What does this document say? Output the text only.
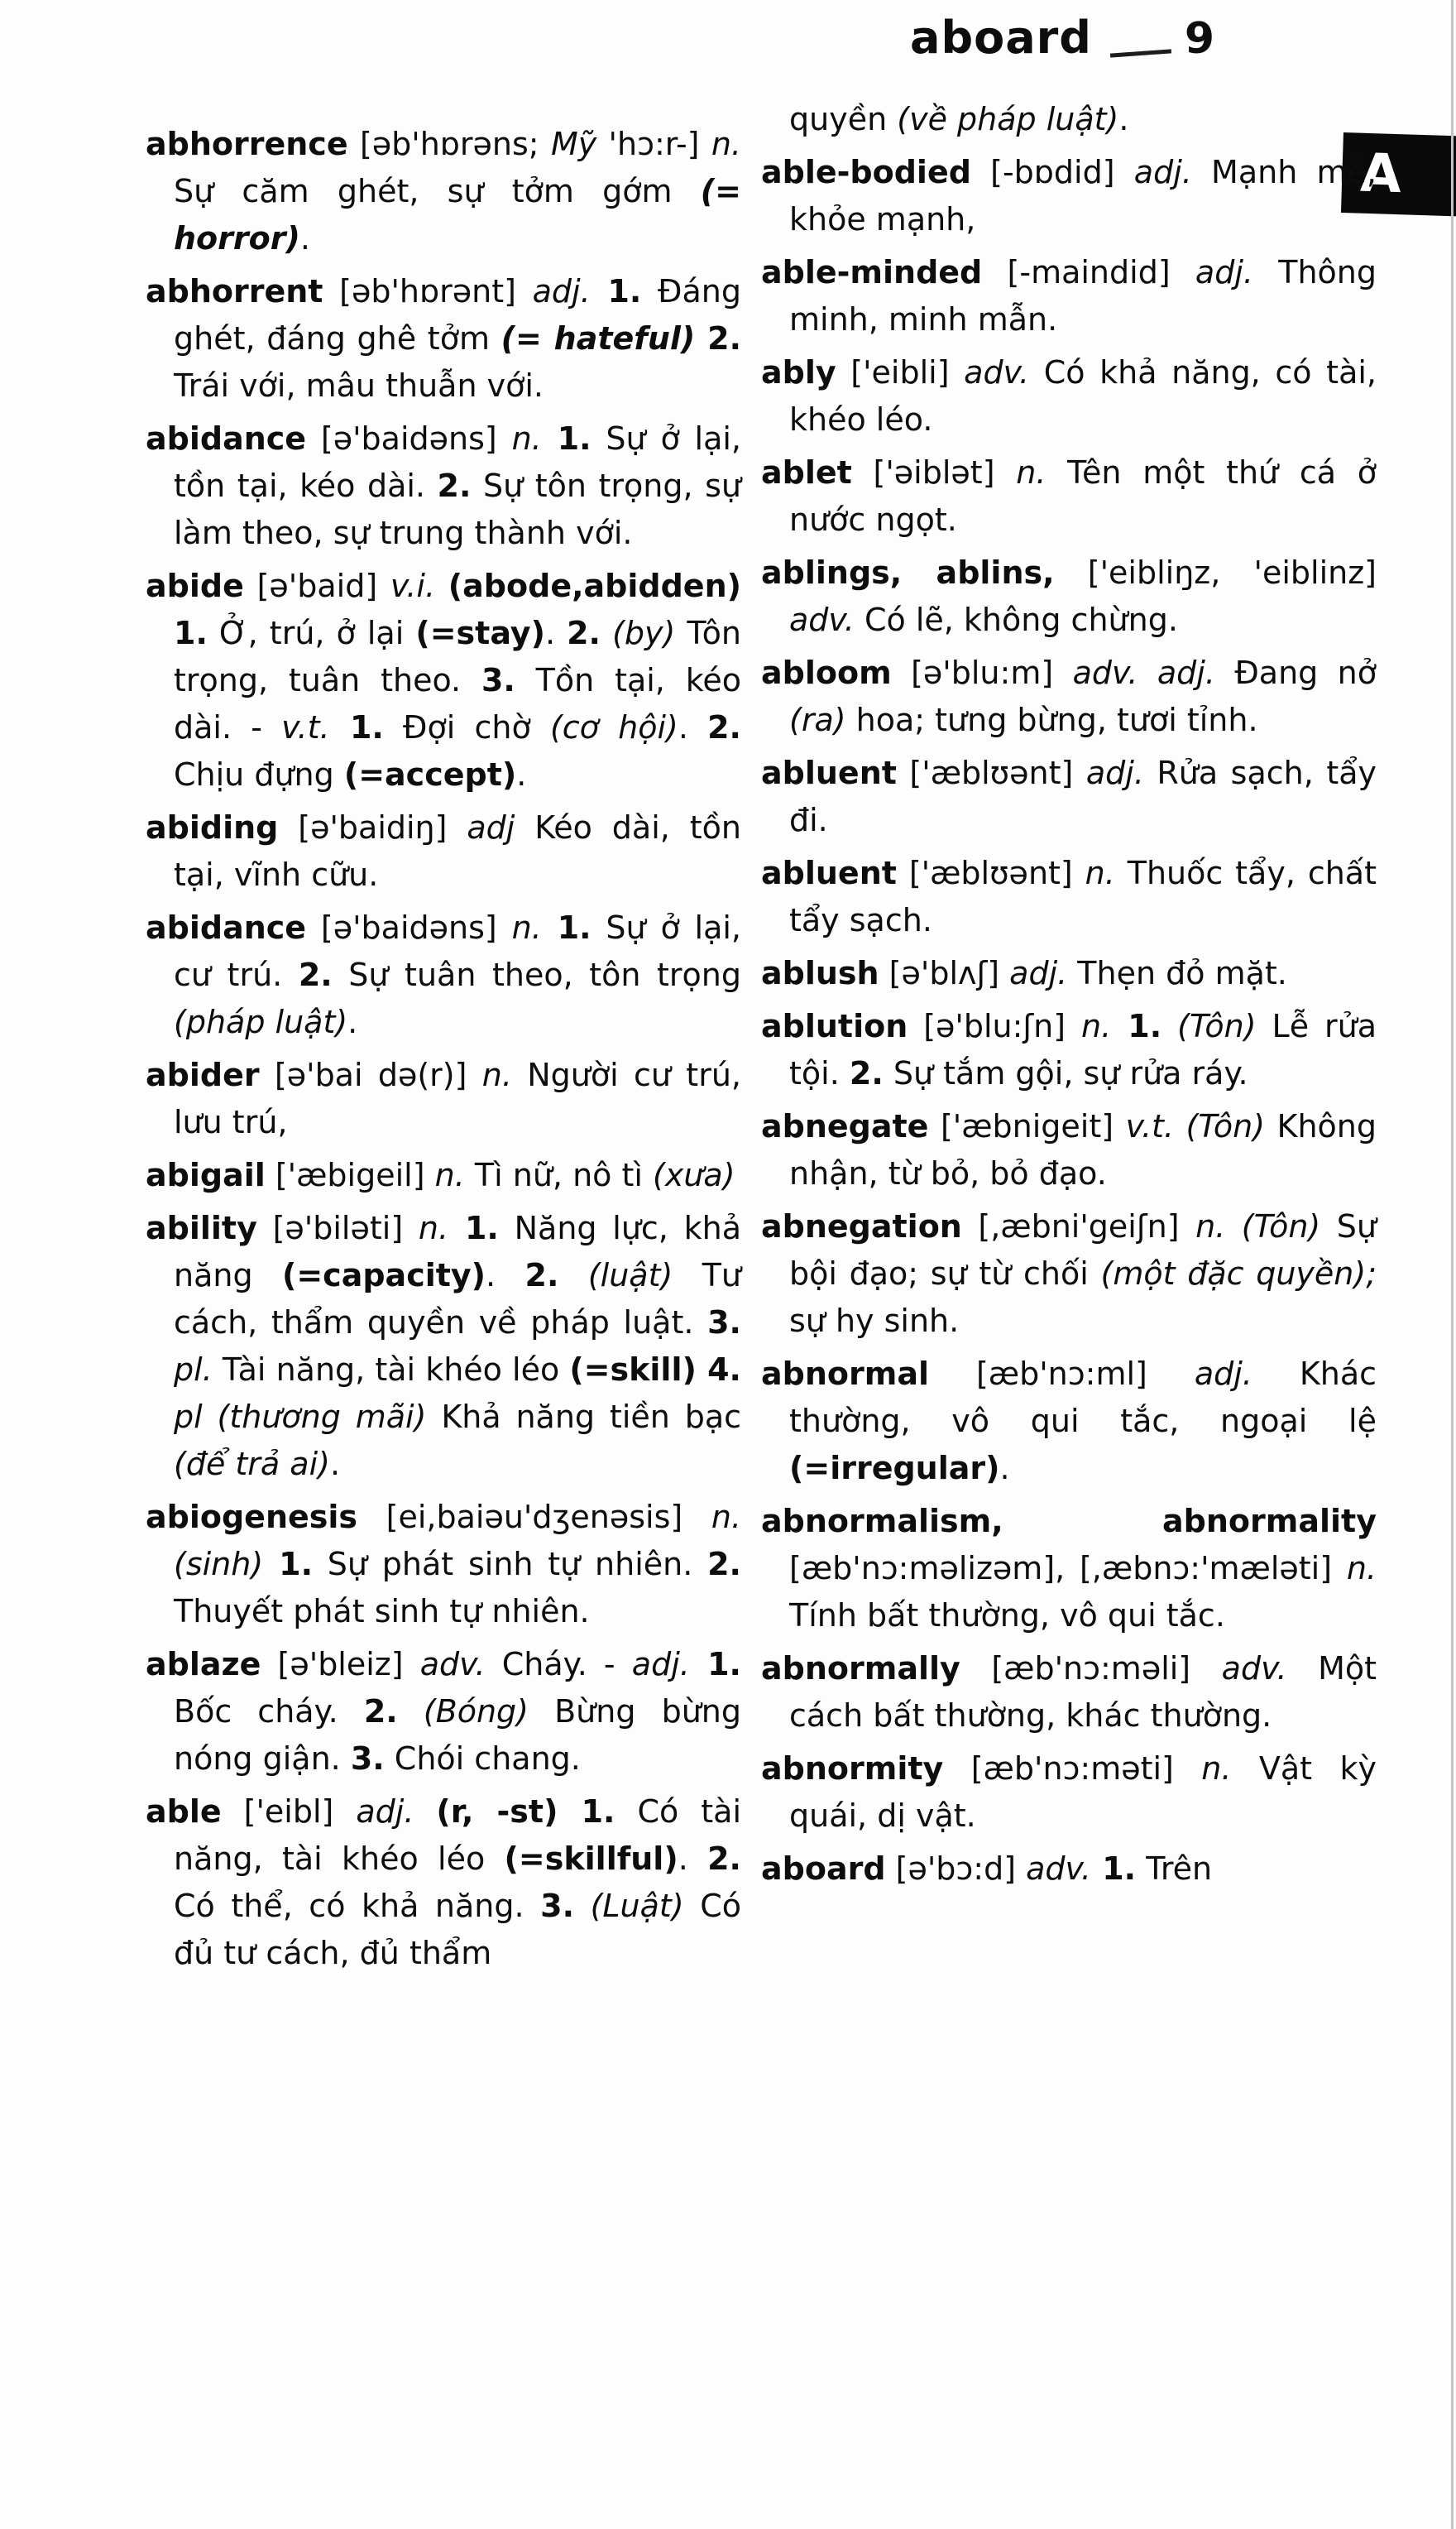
aboard 9
A

abhorrence [əb'hɒrəns; Mỹ 'hɔ:r-] n. Sự căm ghét, sự tởm gớm (= horror).

abhorrent [əb'hɒrənt] adj. 1. Đáng ghét, đáng ghê tởm (= hateful) 2. Trái với, mâu thuẫn với.

abidance [ə'baidəns] n. 1. Sự ở lại, tồn tại, kéo dài. 2. Sự tôn trọng, sự làm theo, sự trung thành với.

abide [ə'baid] v.i. (abode,abidden) 1. Ở, trú, ở lại (=stay). 2. (by) Tôn trọng, tuân theo. 3. Tồn tại, kéo dài. - v.t. 1. Đợi chờ (cơ hội). 2. Chịu đựng (=accept).

abiding [ə'baidiŋ] adj Kéo dài, tồn tại, vĩnh cữu.

abidance [ə'baidəns] n. 1. Sự ở lại, cư trú. 2. Sự tuân theo, tôn trọng (pháp luật).

abider [ə'bai də(r)] n. Người cư trú, lưu trú,

abigail ['æbigeil] n. Tì nữ, nô tì (xưa)

ability [ə'biləti] n. 1. Năng lực, khả năng (=capacity). 2. (luật) Tư cách, thẩm quyền về pháp luật. 3. pl. Tài năng, tài khéo léo (=skill) 4. pl (thương mãi) Khả năng tiền bạc (để trả ai).

abiogenesis [ei,baiəu'dʒenəsis] n. (sinh) 1. Sự phát sinh tự nhiên. 2. Thuyết phát sinh tự nhiên.

ablaze [ə'bleiz] adv. Cháy. - adj. 1. Bốc cháy. 2. (Bóng) Bừng bừng nóng giận. 3. Chói chang.

able ['eibl] adj. (r, -st) 1. Có tài năng, tài khéo léo (=skillful). 2. Có thể, có khả năng. 3. (Luật) Có đủ tư cách, đủ thẩm

quyền (về pháp luật).

able-bodied [-bɒdid] adj. Mạnh mẽ, khỏe mạnh,

able-minded [-maindid] adj. Thông minh, minh mẫn.

ably ['eibli] adv. Có khả năng, có tài, khéo léo.

ablet ['əiblət] n. Tên một thứ cá ở nước ngọt.

ablings, ablins, ['eibliŋz, 'eiblinz] adv. Có lẽ, không chừng.

abloom [ə'blu:m] adv. adj. Đang nở (ra) hoa; tưng bừng, tươi tỉnh.

abluent ['æblʊənt] adj. Rửa sạch, tẩy đi.

abluent ['æblʊənt] n. Thuốc tẩy, chất tẩy sạch.

ablush [ə'blʌʃ] adj. Thẹn đỏ mặt.

ablution [ə'blu:ʃn] n. 1. (Tôn) Lễ rửa tội. 2. Sự tắm gội, sự rửa ráy.

abnegate ['æbnigeit] v.t. (Tôn) Không nhận, từ bỏ, bỏ đạo.

abnegation [,æbni'geiʃn] n. (Tôn) Sự bội đạo; sự từ chối (một đặc quyền); sự hy sinh.

abnormal [æb'nɔ:ml] adj. Khác thường, vô qui tắc, ngoại lệ (=irregular).

abnormalism, abnormality [æb'nɔ:məlizəm], [,æbnɔ:'mæləti] n. Tính bất thường, vô qui tắc.

abnormally [æb'nɔ:məli] adv. Một cách bất thường, khác thường.

abnormity [æb'nɔ:məti] n. Vật kỳ quái, dị vật.

aboard [ə'bɔ:d] adv. 1. Trên
